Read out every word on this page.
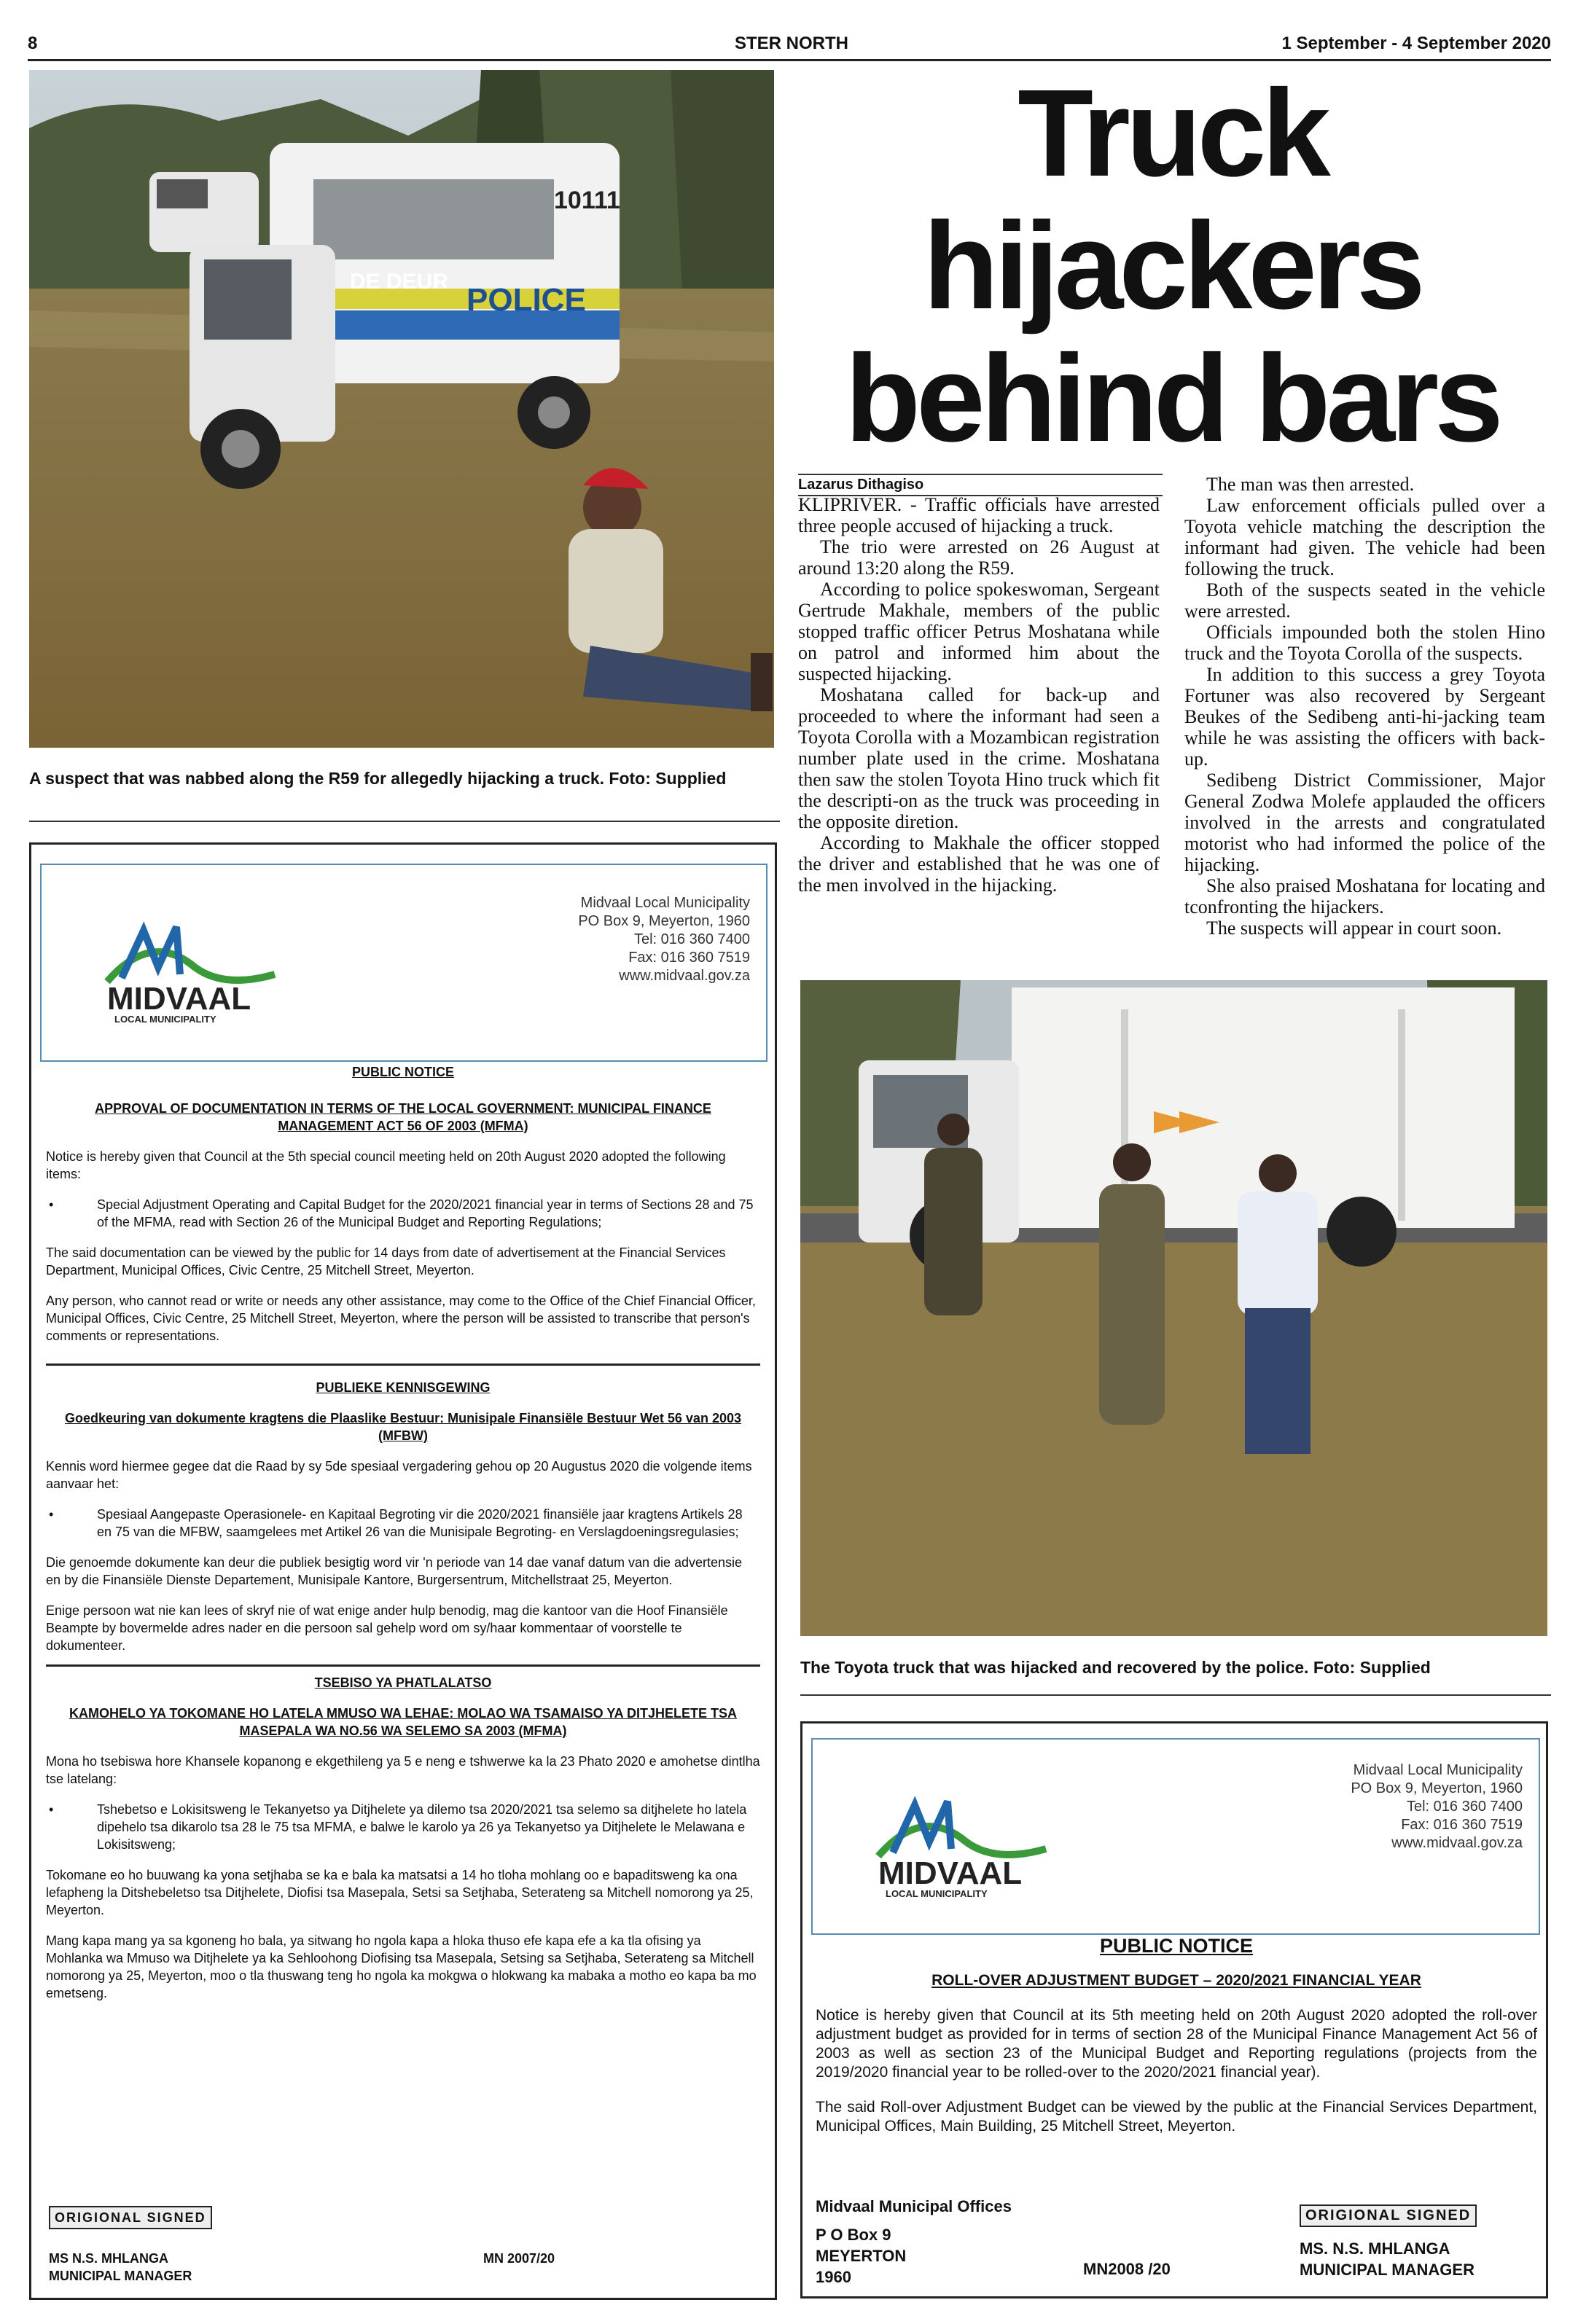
8	STER NORTH	1 September - 4 September 2020
POLICE
10111
DE DEUR
A suspect that was nabbed along the R59 for allegedly hijacking a truck. Foto: Supplied
Truck
hijackers
behind bars
Lazarus Dithagiso

KLIPRIVER. - Traffic officials have arrested three people accused of hijacking a truck.

The trio were arrested on 26 August at around 13:20 along the R59.

According to police spokeswoman, Sergeant Gertrude Makhale, members of the public stopped traffic officer Petrus Moshatana while on patrol and informed him about the suspected hijacking.

Moshatana called for back-up and proceeded to where the informant had seen a Toyota Corolla with a Mozambican registration number plate used in the crime. Moshatana then saw the stolen Toyota Hino truck which fit the descripti-on as the truck was proceeding in the opposite diretion.

According to Makhale the officer stopped the driver and established that he was one of the men involved in the hijacking.

The man was then arrested.

Law enforcement officials pulled over a Toyota vehicle matching the description the informant had given. The vehicle had been following the truck.

Both of the suspects seated in the vehicle were arrested.

Officials impounded both the stolen Hino truck and the Toyota Corolla of the suspects.

In addition to this success a grey Toyota Fortuner was also recovered by Sergeant Beukes of the Sedibeng anti-hi-jacking team while he was assisting the officers with back-up.

Sedibeng District Commissioner, Major General Zodwa Molefe applauded the officers involved in the arrests and congratulated motorist who had informed the police of the hijacking.

She also praised Moshatana for locating and tconfronting the hijackers.

The suspects will appear in court soon.

The Toyota truck that was hijacked and recovered by the police. Foto: Supplied
MIDVAAL
LOCAL MUNICIPALITY
Midvaal Local Municipality
PO Box 9, Meyerton, 1960
Tel: 016 360 7400
Fax: 016 360 7519
www.midvaal.gov.za
PUBLIC NOTICE
APPROVAL OF DOCUMENTATION IN TERMS OF THE LOCAL GOVERNMENT: MUNICIPAL FINANCE MANAGEMENT ACT 56 OF 2003 (MFMA)

Notice is hereby given that Council at the 5th special council meeting held on 20th August 2020 adopted the following items:

•	Special Adjustment Operating and Capital Budget for the 2020/2021 financial year in terms of Sections 28 and 75 of the MFMA, read with Section 26 of the Municipal Budget and Reporting Regulations;

The said documentation can be viewed by the public for 14 days from date of advertisement at the Financial Services Department, Municipal Offices, Civic Centre, 25 Mitchell Street, Meyerton.

Any person, who cannot read or write or needs any other assistance, may come to the Office of the Chief Financial Officer, Municipal Offices, Civic Centre, 25 Mitchell Street, Meyerton, where the person will be assisted to transcribe that person's comments or representations.

PUBLIEKE KENNISGEWING
Goedkeuring van dokumente kragtens die Plaaslike Bestuur: Munisipale Finansiële Bestuur Wet 56 van 2003 (MFBW)

Kennis word hiermee gegee dat die Raad by sy 5de spesiaal vergadering gehou op 20 Augustus 2020 die volgende items aanvaar het:

•	Spesiaal Aangepaste Operasionele- en Kapitaal Begroting vir die 2020/2021 finansiële jaar kragtens Artikels 28 en 75 van die MFBW, saamgelees met Artikel 26 van die Munisipale Begroting- en Verslagdoeningsregulasies;

Die genoemde dokumente kan deur die publiek besigtig word vir 'n periode van 14 dae vanaf datum van die advertensie en by die Finansiële Dienste Departement, Munisipale Kantore, Burgersentrum, Mitchellstraat 25, Meyerton.

Enige persoon wat nie kan lees of skryf nie of wat enige ander hulp benodig, mag die kantoor van die Hoof Finansiële Beampte by bovermelde adres nader en die persoon sal gehelp word om sy/haar kommentaar of voorstelle te dokumenteer.

TSEBISO YA PHATLALATSO
KAMOHELO YA TOKOMANE HO LATELA MMUSO WA LEHAE: MOLAO WA TSAMAISO YA DITJHELETE TSA MASEPALA WA NO.56 WA SELEMO SA 2003 (MFMA)

Mona ho tsebiswa hore Khansele kopanong e ekgethileng ya 5 e neng e tshwerwe ka la 23 Phato 2020 e amohetse dintlha tse latelang:

•	Tshebetso e Lokisitsweng le Tekanyetso ya Ditjhelete ya dilemo tsa 2020/2021 tsa selemo sa ditjhelete ho latela dipehelo tsa dikarolo tsa 28 le 75 tsa MFMA, e balwe le karolo ya 26 ya Tekanyetso ya Ditjhelete le Melawana e Lokisitsweng;

Tokomane eo ho buuwang ka yona setjhaba se ka e bala ka matsatsi a 14 ho tloha mohlang oo e bapaditsweng ka ona lefapheng la Ditshebeletso tsa Ditjhelete, Diofisi tsa Masepala, Setsi sa Setjhaba, Seterateng sa Mitchell nomorong ya 25, Meyerton.

Mang kapa mang ya sa kgoneng ho bala, ya sitwang ho ngola kapa a hloka thuso efe kapa efe a ka tla ofising ya Mohlanka wa Mmuso wa Ditjhelete ya ka Sehloohong Diofising tsa Masepala, Setsing sa Setjhaba, Seterateng sa Mitchell nomorong ya 25, Meyerton, moo o tla thuswang teng ho ngola ka mokgwa o hlokwang ka mabaka a motho eo kapa ba mo emetseng.

ORIGIONAL SIGNED
MS N.S. MHLANGA
MUNICIPAL MANAGER
MN 2007/20
MIDVAAL
LOCAL MUNICIPALITY
Midvaal Local Municipality
PO Box 9, Meyerton, 1960
Tel: 016 360 7400
Fax: 016 360 7519
www.midvaal.gov.za
PUBLIC NOTICE
ROLL-OVER ADJUSTMENT BUDGET – 2020/2021 FINANCIAL YEAR

Notice is hereby given that Council at its 5th meeting held on 20th August 2020 adopted the roll-over adjustment budget as provided for in terms of section 28 of the Municipal Finance Management Act 56 of 2003 as well as section 23 of the Municipal Budget and Reporting regulations (projects from the 2019/2020 financial year to be rolled-over to the 2020/2021 financial year).

The said Roll-over Adjustment Budget can be viewed by the public at the Financial Services Department, Municipal Offices, Main Building, 25 Mitchell Street, Meyerton.

Midvaal Municipal Offices
P O Box 9
MEYERTON
1960	MN2008 /20
ORIGIONAL SIGNED
MS. N.S. MHLANGA
MUNICIPAL MANAGER
